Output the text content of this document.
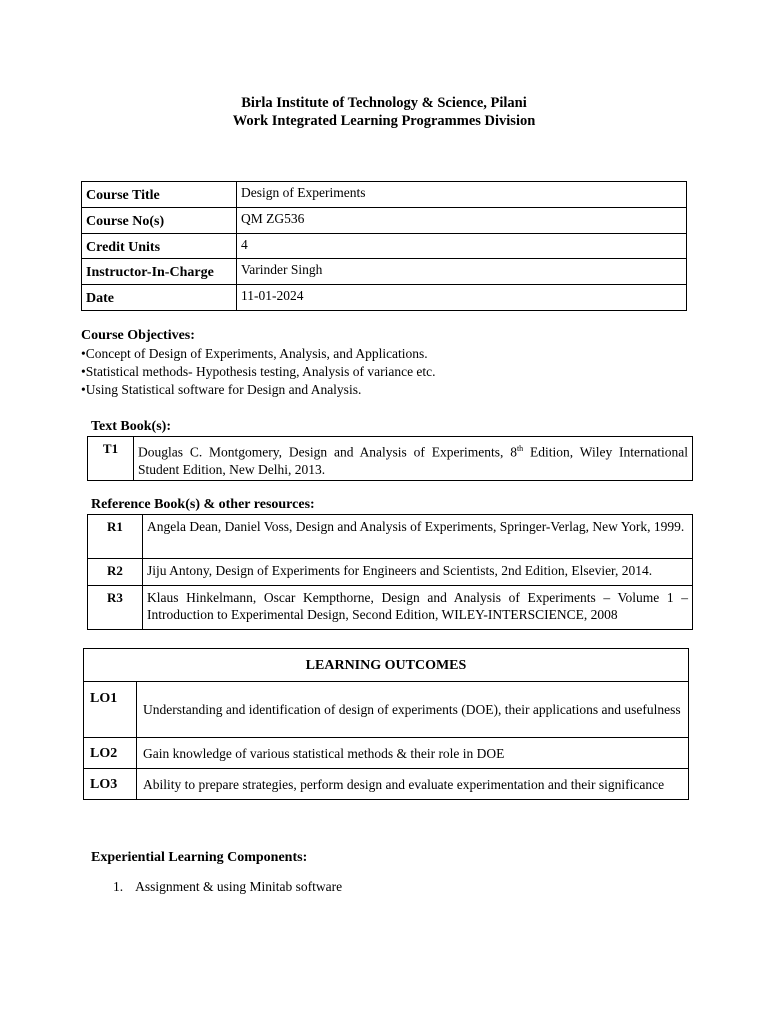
Birla Institute of Technology & Science, Pilani
Work Integrated Learning Programmes Division
Course Title	Design of Experiments
Course No(s)	QM ZG536
Credit Units	4
Instructor-In-Charge	Varinder Singh
Date	11-01-2024
Course Objectives:
•Concept of Design of Experiments, Analysis, and Applications.
•Statistical methods- Hypothesis testing, Analysis of variance etc.
•Using Statistical software for Design and Analysis.
Text Book(s):
T1	Douglas C. Montgomery, Design and Analysis of Experiments, 8th Edition, Wiley International Student Edition, New Delhi, 2013.
Reference Book(s) & other resources:
R1	Angela Dean, Daniel Voss, Design and Analysis of Experiments, Springer-Verlag, New York, 1999.
R2	Jiju Antony, Design of Experiments for Engineers and Scientists, 2nd Edition, Elsevier, 2014.
R3	Klaus Hinkelmann, Oscar Kempthorne, Design and Analysis of Experiments – Volume 1 – Introduction to Experimental Design, Second Edition, WILEY-INTERSCIENCE, 2008
LEARNING OUTCOMES	
LO1	Understanding and identification of design of experiments (DOE), their applications and usefulness
LO2	Gain knowledge of various statistical methods & their role in DOE
LO3	Ability to prepare strategies, perform design and evaluate experimentation and their significance
Experiential Learning Components:
1. Assignment & using Minitab software
